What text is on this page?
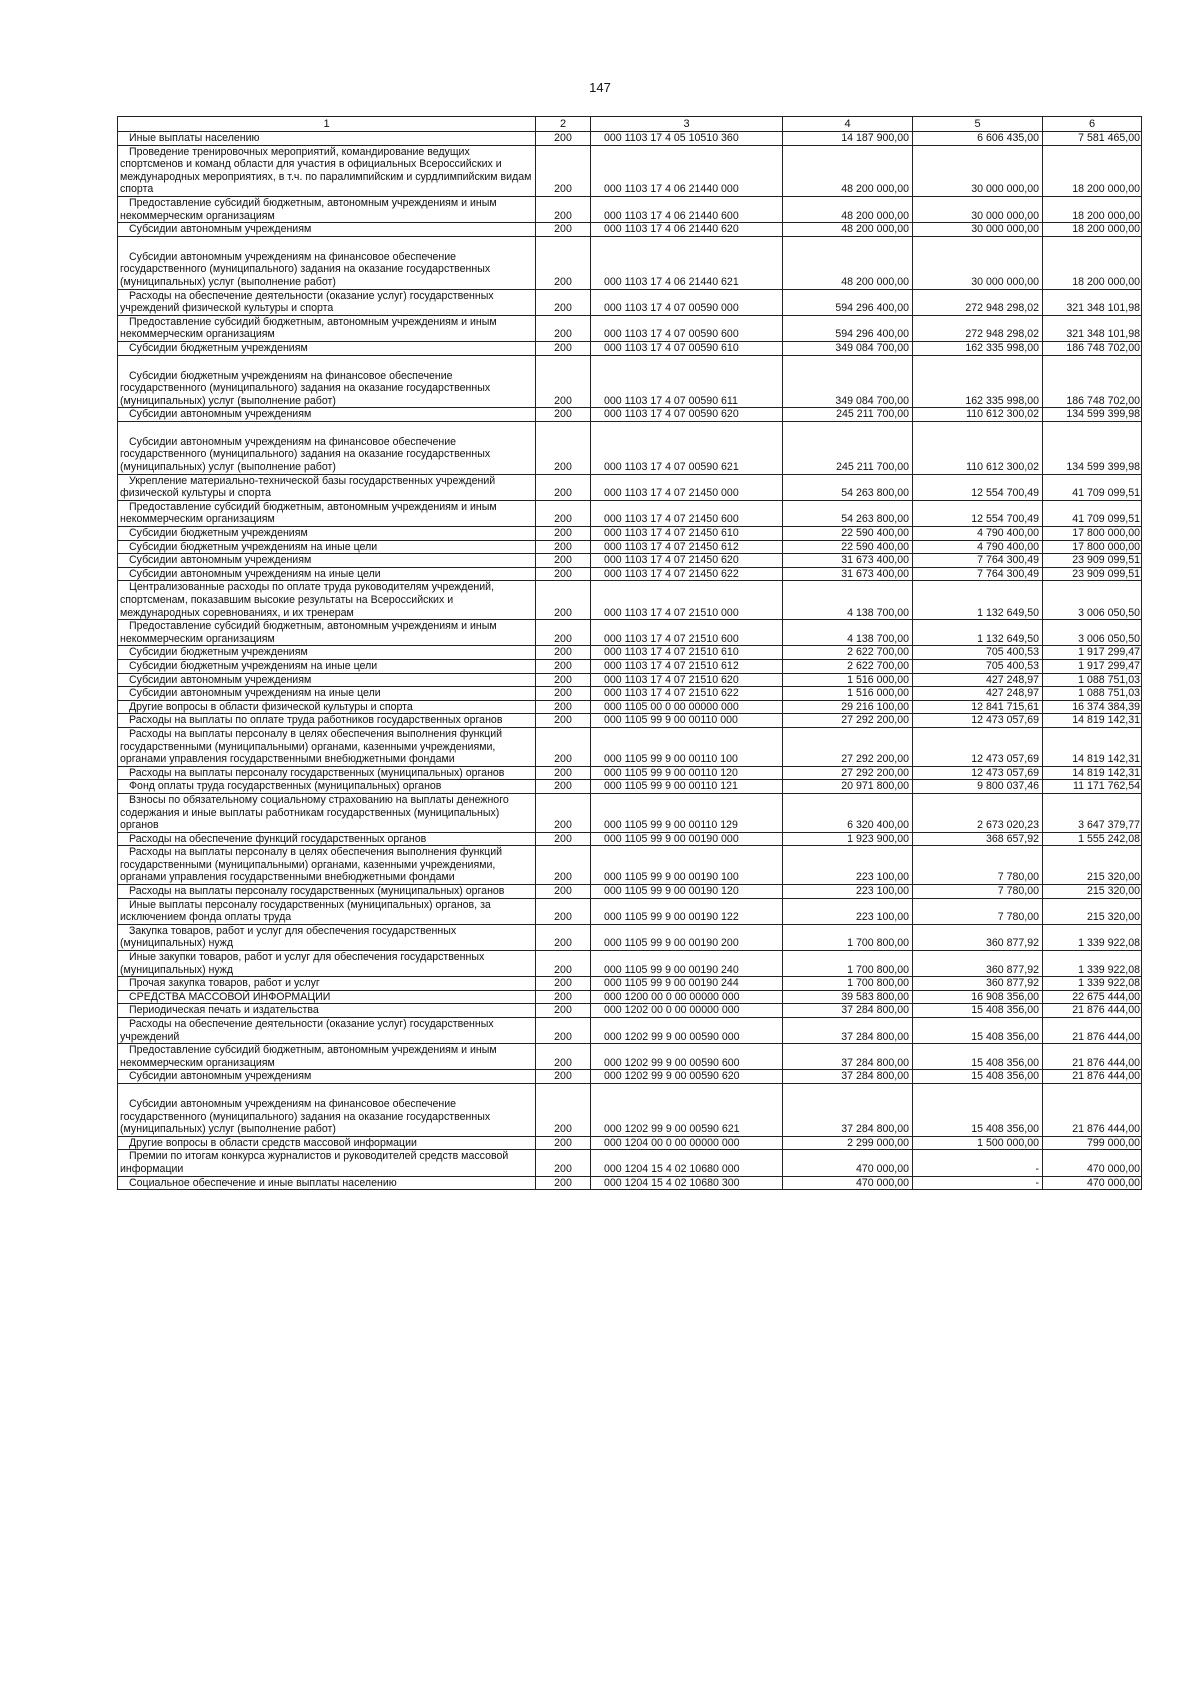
147
1	2	3	4	5	6

Иные выплаты населению	200	000 1103 17 4 05 10510 360	14 187 900,00	6 606 435,00	7 581 465,00

Проведение тренировочных мероприятий, командирование ведущих спортсменов и команд области для участия в официальных Всероссийских и международных мероприятиях, в т.ч. по паралимпийским и сурдлимпийским видам спорта	200	000 1103 17 4 06 21440 000	48 200 000,00	30 000 000,00	18 200 000,00

Предоставление субсидий бюджетным, автономным учреждениям и иным некоммерческим организациям	200	000 1103 17 4 06 21440 600	48 200 000,00	30 000 000,00	18 200 000,00

Субсидии автономным учреждениям	200	000 1103 17 4 06 21440 620	48 200 000,00	30 000 000,00	18 200 000,00

Субсидии автономным учреждениям на финансовое обеспечение государственного (муниципального) задания на оказание государственных (муниципальных) услуг (выполнение работ)	200	000 1103 17 4 06 21440 621	48 200 000,00	30 000 000,00	18 200 000,00

Расходы на обеспечение деятельности (оказание услуг) государственных учреждений физической культуры и спорта	200	000 1103 17 4 07 00590 000	594 296 400,00	272 948 298,02	321 348 101,98

Предоставление субсидий бюджетным, автономным учреждениям и иным некоммерческим организациям	200	000 1103 17 4 07 00590 600	594 296 400,00	272 948 298,02	321 348 101,98

Субсидии бюджетным учреждениям	200	000 1103 17 4 07 00590 610	349 084 700,00	162 335 998,00	186 748 702,00

Субсидии бюджетным учреждениям на финансовое обеспечение государственного (муниципального) задания на оказание государственных (муниципальных) услуг (выполнение работ)	200	000 1103 17 4 07 00590 611	349 084 700,00	162 335 998,00	186 748 702,00

Субсидии автономным учреждениям	200	000 1103 17 4 07 00590 620	245 211 700,00	110 612 300,02	134 599 399,98

Субсидии автономным учреждениям на финансовое обеспечение государственного (муниципального) задания на оказание государственных (муниципальных) услуг (выполнение работ)	200	000 1103 17 4 07 00590 621	245 211 700,00	110 612 300,02	134 599 399,98

Укрепление материально-технической базы государственных учреждений физической культуры и спорта	200	000 1103 17 4 07 21450 000	54 263 800,00	12 554 700,49	41 709 099,51

Предоставление субсидий бюджетным, автономным учреждениям и иным некоммерческим организациям	200	000 1103 17 4 07 21450 600	54 263 800,00	12 554 700,49	41 709 099,51

Субсидии бюджетным учреждениям	200	000 1103 17 4 07 21450 610	22 590 400,00	4 790 400,00	17 800 000,00

Субсидии бюджетным учреждениям на иные цели	200	000 1103 17 4 07 21450 612	22 590 400,00	4 790 400,00	17 800 000,00

Субсидии автономным учреждениям	200	000 1103 17 4 07 21450 620	31 673 400,00	7 764 300,49	23 909 099,51

Субсидии автономным учреждениям на иные цели	200	000 1103 17 4 07 21450 622	31 673 400,00	7 764 300,49	23 909 099,51

Централизованные расходы по оплате труда руководителям учреждений, спортсменам, показавшим высокие результаты на Всероссийских и международных соревнованиях, и их тренерам	200	000 1103 17 4 07 21510 000	4 138 700,00	1 132 649,50	3 006 050,50

Предоставление субсидий бюджетным, автономным учреждениям и иным некоммерческим организациям	200	000 1103 17 4 07 21510 600	4 138 700,00	1 132 649,50	3 006 050,50

Субсидии бюджетным учреждениям	200	000 1103 17 4 07 21510 610	2 622 700,00	705 400,53	1 917 299,47

Субсидии бюджетным учреждениям на иные цели	200	000 1103 17 4 07 21510 612	2 622 700,00	705 400,53	1 917 299,47

Субсидии автономным учреждениям	200	000 1103 17 4 07 21510 620	1 516 000,00	427 248,97	1 088 751,03

Субсидии автономным учреждениям на иные цели	200	000 1103 17 4 07 21510 622	1 516 000,00	427 248,97	1 088 751,03

Другие вопросы в области физической культуры и спорта	200	000 1105 00 0 00 00000 000	29 216 100,00	12 841 715,61	16 374 384,39

Расходы на выплаты по оплате труда работников государственных органов	200	000 1105 99 9 00 00110 000	27 292 200,00	12 473 057,69	14 819 142,31

Расходы на выплаты персоналу в целях обеспечения выполнения функций государственными (муниципальными) органами, казенными учреждениями, органами управления государственными внебюджетными фондами	200	000 1105 99 9 00 00110 100	27 292 200,00	12 473 057,69	14 819 142,31

Расходы на выплаты персоналу государственных (муниципальных) органов	200	000 1105 99 9 00 00110 120	27 292 200,00	12 473 057,69	14 819 142,31

Фонд оплаты труда государственных (муниципальных) органов	200	000 1105 99 9 00 00110 121	20 971 800,00	9 800 037,46	11 171 762,54

Взносы по обязательному социальному страхованию на выплаты денежного содержания и иные выплаты работникам государственных (муниципальных) органов	200	000 1105 99 9 00 00110 129	6 320 400,00	2 673 020,23	3 647 379,77

Расходы на обеспечение функций государственных органов	200	000 1105 99 9 00 00190 000	1 923 900,00	368 657,92	1 555 242,08

Расходы на выплаты персоналу в целях обеспечения выполнения функций государственными (муниципальными) органами, казенными учреждениями, органами управления государственными внебюджетными фондами	200	000 1105 99 9 00 00190 100	223 100,00	7 780,00	215 320,00

Расходы на выплаты персоналу государственных (муниципальных) органов	200	000 1105 99 9 00 00190 120	223 100,00	7 780,00	215 320,00

Иные выплаты персоналу государственных (муниципальных) органов, за исключением фонда оплаты труда	200	000 1105 99 9 00 00190 122	223 100,00	7 780,00	215 320,00

Закупка товаров, работ и услуг для обеспечения государственных (муниципальных) нужд	200	000 1105 99 9 00 00190 200	1 700 800,00	360 877,92	1 339 922,08

Иные закупки товаров, работ и услуг для обеспечения государственных (муниципальных) нужд	200	000 1105 99 9 00 00190 240	1 700 800,00	360 877,92	1 339 922,08

Прочая закупка товаров, работ и услуг	200	000 1105 99 9 00 00190 244	1 700 800,00	360 877,92	1 339 922,08

СРЕДСТВА МАССОВОЙ ИНФОРМАЦИИ	200	000 1200 00 0 00 00000 000	39 583 800,00	16 908 356,00	22 675 444,00

Периодическая печать и издательства	200	000 1202 00 0 00 00000 000	37 284 800,00	15 408 356,00	21 876 444,00

Расходы на обеспечение деятельности (оказание услуг) государственных учреждений	200	000 1202 99 9 00 00590 000	37 284 800,00	15 408 356,00	21 876 444,00

Предоставление субсидий бюджетным, автономным учреждениям и иным некоммерческим организациям	200	000 1202 99 9 00 00590 600	37 284 800,00	15 408 356,00	21 876 444,00

Субсидии автономным учреждениям	200	000 1202 99 9 00 00590 620	37 284 800,00	15 408 356,00	21 876 444,00

Субсидии автономным учреждениям на финансовое обеспечение государственного (муниципального) задания на оказание государственных (муниципальных) услуг (выполнение работ)	200	000 1202 99 9 00 00590 621	37 284 800,00	15 408 356,00	21 876 444,00

Другие вопросы в области средств массовой информации	200	000 1204 00 0 00 00000 000	2 299 000,00	1 500 000,00	799 000,00

Премии по итогам конкурса журналистов и руководителей средств массовой информации	200	000 1204 15 4 02 10680 000	470 000,00	-	470 000,00

Социальное обеспечение и иные выплаты населению	200	000 1204 15 4 02 10680 300	470 000,00	-	470 000,00
